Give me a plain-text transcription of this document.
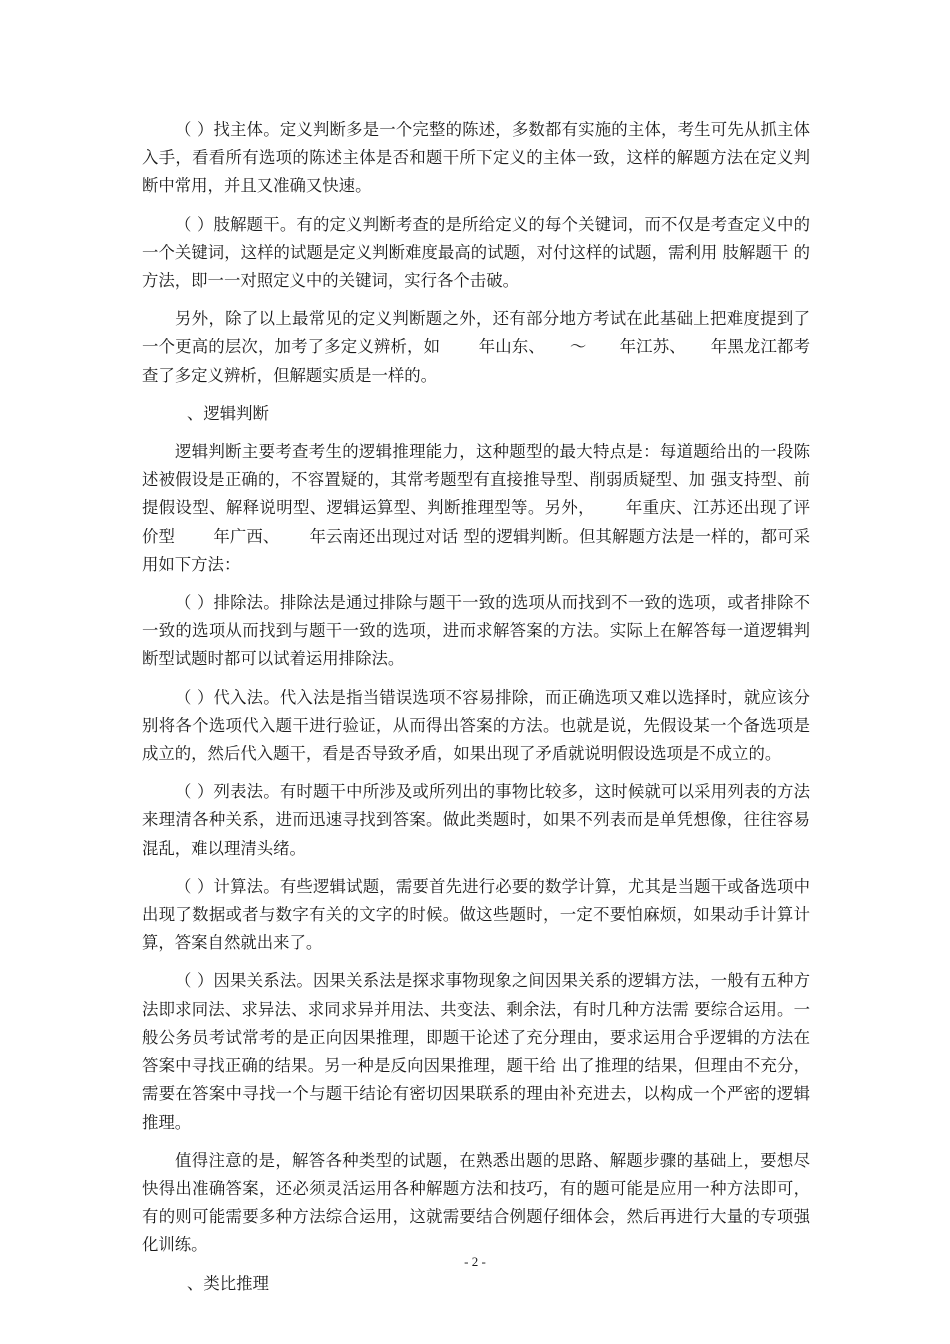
（ ）找主体。定义判断多是一个完整的陈述，多数都有实施的主体，考生可先从抓主体入手，看看所有选项的陈述主体是否和题干所下定义的主体一致，这样的解题方法在定义判断中常用，并且又准确又快速。

（ ）肢解题干。有的定义判断考查的是所给定义的每个关键词，而不仅是考查定义中的一个关键词，这样的试题是定义判断难度最高的试题，对付这样的试题，需利用 肢解题干 的方法，即一一对照定义中的关键词，实行各个击破。

另外，除了以上最常见的定义判断题之外，还有部分地方考试在此基础上把难度提到了一个更高的层次，加考了多定义辨析，如　　 年山东、　　～　　年江苏、　　年黑龙江都考查了多定义辨析，但解题实质是一样的。

、逻辑判断

逻辑判断主要考查考生的逻辑推理能力，这种题型的最大特点是：每道题给出的一段陈述被假设是正确的，不容置疑的，其常考题型有直接推导型、削弱质疑型、加 强支持型、前提假设型、解释说明型、逻辑运算型、判断推理型等。另外，　　 年重庆、江苏还出现了评价型　　 年广西、　　 年云南还出现过对话 型的逻辑判断。但其解题方法是一样的，都可采用如下方法：

（ ）排除法。排除法是通过排除与题干一致的选项从而找到不一致的选项，或者排除不一致的选项从而找到与题干一致的选项，进而求解答案的方法。实际上在解答每一道逻辑判断型试题时都可以试着运用排除法。

（ ）代入法。代入法是指当错误选项不容易排除，而正确选项又难以选择时，就应该分别将各个选项代入题干进行验证，从而得出答案的方法。也就是说，先假设某一个备选项是成立的，然后代入题干，看是否导致矛盾，如果出现了矛盾就说明假设选项是不成立的。

（ ）列表法。有时题干中所涉及或所列出的事物比较多，这时候就可以采用列表的方法来理清各种关系，进而迅速寻找到答案。做此类题时，如果不列表而是单凭想像，往往容易混乱，难以理清头绪。

（ ）计算法。有些逻辑试题，需要首先进行必要的数学计算，尤其是当题干或备选项中出现了数据或者与数字有关的文字的时候。做这些题时，一定不要怕麻烦，如果动手计算计算，答案自然就出来了。

（ ）因果关系法。因果关系法是探求事物现象之间因果关系的逻辑方法，一般有五种方法即求同法、求异法、求同求异并用法、共变法、剩余法，有时几种方法需 要综合运用。一般公务员考试常考的是正向因果推理，即题干论述了充分理由，要求运用合乎逻辑的方法在答案中寻找正确的结果。另一种是反向因果推理，题干给 出了推理的结果，但理由不充分，需要在答案中寻找一个与题干结论有密切因果联系的理由补充进去，以构成一个严密的逻辑推理。

值得注意的是，解答各种类型的试题，在熟悉出题的思路、解题步骤的基础上，要想尽快得出准确答案，还必须灵活运用各种解题方法和技巧，有的题可能是应用一种方法即可，有的则可能需要多种方法综合运用，这就需要结合例题仔细体会，然后再进行大量的专项强化训练。

、类比推理
- 2 -
